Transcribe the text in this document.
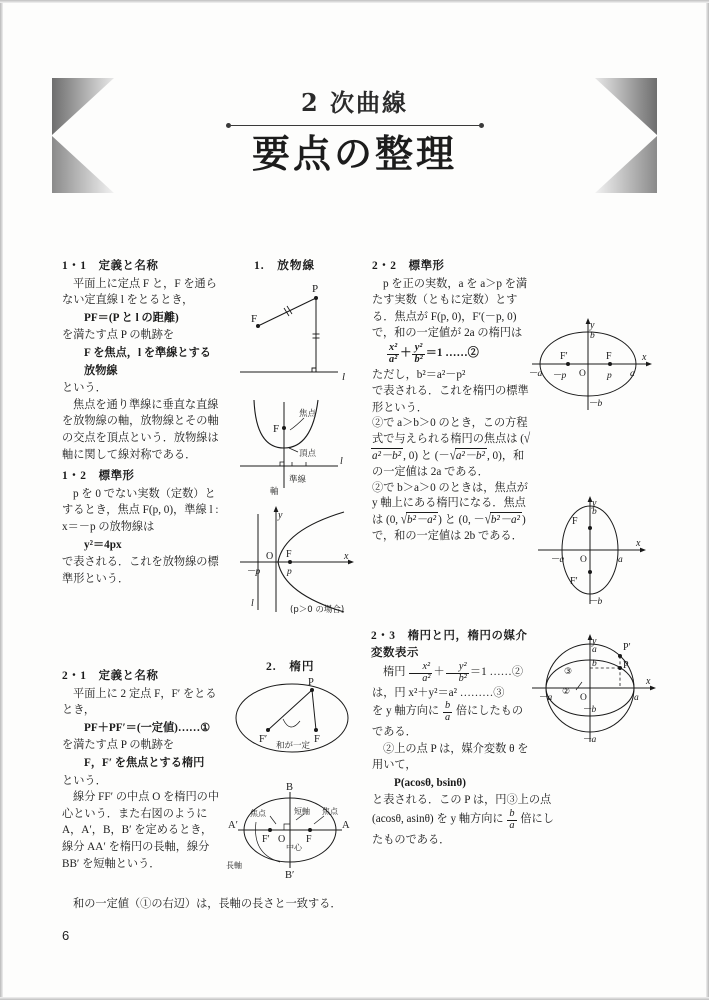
2 次曲線
要点の整理
1.　放物線
2.　楕円
1・1　定義と名称
平面上に定点 F と，F を通らない定直線 l をとるとき，
PF＝(P と l の距離)
を満たす点 P の軌跡を
F を焦点，l を準線とする
放物線
という．
焦点を通り準線に垂直な直線を放物線の軸，放物線とその軸の交点を頂点という．放物線は軸に関して線対称である．
1・2　標準形
p を 0 でない実数（定数）とするとき，焦点 F(p, 0)，準線 l : x＝－p の放物線は
y²＝4px
で表される．これを放物線の標準形という．
2・1　定義と名称
平面上に 2 定点 F，F′ をとるとき，
PF＋PF′＝(一定値)……①
を満たす点 P の軌跡を
F，F′ を焦点とする楕円
という．
線分 FF′ の中点 O を楕円の中心という．また右図のように A，A′，B，B′ を定めるとき，線分 AA′ を楕円の長軸，線分 BB′ を短軸という．
2・2　標準形
p を正の実数，a を a＞p を満たす実数（ともに定数）とする．焦点が F(p, 0)，F′(－p, 0) で，和の一定値が 2a の楕円は
$\frac{\text{x²}}{\text{a²}} + \frac{\text{y²}}{\text{b²}} =1$ ……②
ただし，b²＝a²－p²
で表される．これを楕円の標準形という．
②で a＞b＞0 のとき，この方程式で与えられる楕円の焦点は (√a²－b² , 0) と (－√a²－b² , 0)，和の一定値は 2a である．
②で b＞a＞0 のときは，焦点が y 軸上にある楕円になる．焦点は (0, √b²－a² ) と (0, －√b²－a² ) で，和の一定値は 2b である．
2・3　楕円と円，楕円の媒介変数表示
楕円 $\frac{\text{x²}}{\text{a²}} + \frac{\text{y²}}{\text{b²}} =1$ ……②
は，円 x²＋y²＝a² ………③
を y 軸方向に $\frac{b}{a}$ 倍にしたものである．
②上の点 P は，媒介変数 θ を用いて，
P(acosθ, bsinθ)
と表される．この P は，円③上の点 (acosθ, asinθ) を y 軸方向に $\frac{b}{a}$ 倍にしたものである．
F
P
l
F
焦点
頂点
準線
軸
l
y
x
O F
p
－p
l
(p＞0 の場合)
P
F′	F
和が一定
B
B′
A
A′
O F
F′
焦点	焦点
短軸
中心
長軸
y
x
O
b
－b
a
－a
F
F′
p
－p
y
x
O
b
－b
a
－a
F
F′
y
x
O
a
b
－b
－a
a
－a
P′
P
②
③
和の一定値（①の右辺）は，長軸の長さと一致する．
6
